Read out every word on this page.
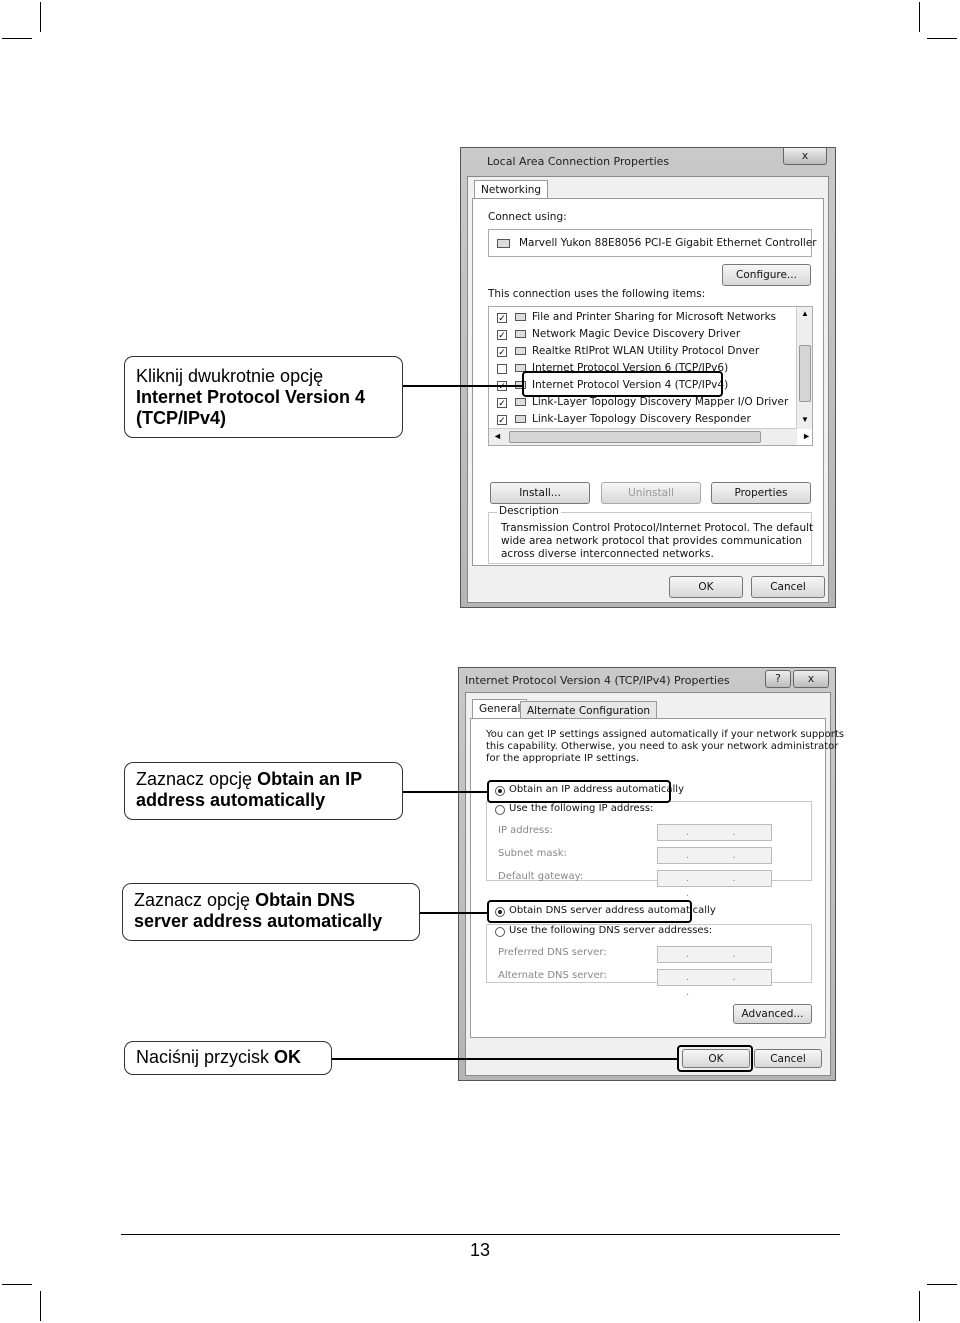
Local Area Connection Properties	x
Networking
Connect using:
Marvell Yukon 88E8056 PCI-E Gigabit Ethernet Controller
Configure...
This connection uses the following items:
✓ File and Printer Sharing for Microsoft Networks
✓ Network Magic Device Discovery Driver
✓ Realtke RtlProt WLAN Utility Protocol Dnver
Internet Protocol Version 6 (TCP/IPv6)
Internet Protocol Version 4 (TCP/IPv4)
✓ Link-Layer Topology Discovery Mapper I/O Driver
✓ Link-Layer Topology Discovery Responder
▲
▼
◄	►
Install...	Uninstall	Properties
Description
Transmission Control Protocol/Internet Protocol. The default
wide area network protocol that provides communication
across diverse interconnected networks.
OK	Cancel
Internet Protocol Version 4 (TCP/IPv4) Properties	?	x
General Alternate Configuration
You can get IP settings assigned automatically if your network supports
this capability. Otherwise, you need to ask your network administrator
for the appropriate IP settings.
Obtain an IP address automatically
Use the following IP address:
IP address:	. .
Subnet mask:	. .
Default gateway:	. . .
Obtain DNS server address automatically
Use the following DNS server addresses:
Preferred DNS server:	. .
Alternate DNS server:	. . .
Advanced...
OK	Cancel
Kliknij dwukrotnie opcję
Internet Protocol Version 4
(TCP/IPv4)
Zaznacz opcję Obtain an IP
address automatically
Zaznacz opcję Obtain DNS
server address automatically
Naciśnij przycisk OK
13
